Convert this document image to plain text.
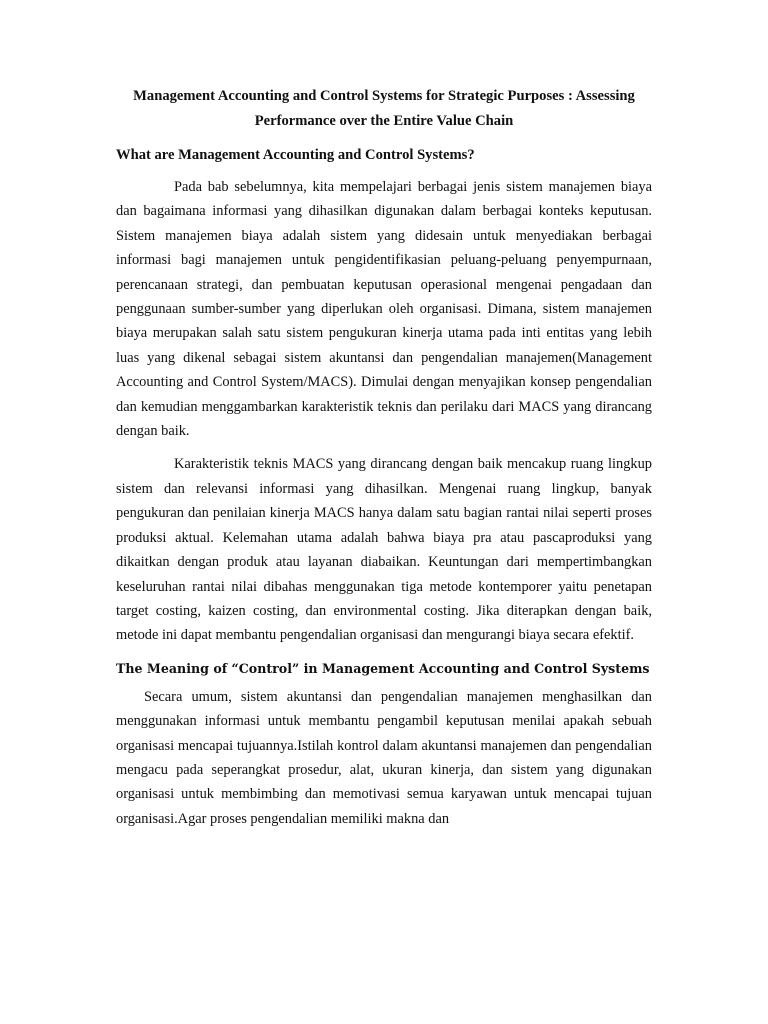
Management Accounting and Control Systems for Strategic Purposes : Assessing Performance over the Entire Value Chain
What are Management Accounting and Control Systems?

Pada bab sebelumnya, kita mempelajari berbagai jenis sistem manajemen biaya dan bagaimana informasi yang dihasilkan digunakan dalam berbagai konteks keputusan. Sistem manajemen biaya adalah sistem yang didesain untuk menyediakan berbagai informasi bagi manajemen untuk pengidentifikasian peluang-peluang penyempurnaan, perencanaan strategi, dan pembuatan keputusan operasional mengenai pengadaan dan penggunaan sumber-sumber yang diperlukan oleh organisasi. Dimana, sistem manajemen biaya merupakan salah satu sistem pengukuran kinerja utama pada inti entitas yang lebih luas yang dikenal sebagai sistem akuntansi dan pengendalian manajemen(Management Accounting and Control System/MACS). Dimulai dengan menyajikan konsep pengendalian dan kemudian menggambarkan karakteristik teknis dan perilaku dari MACS yang dirancang dengan baik.

Karakteristik teknis MACS yang dirancang dengan baik mencakup ruang lingkup sistem dan relevansi informasi yang dihasilkan. Mengenai ruang lingkup, banyak pengukuran dan penilaian kinerja MACS hanya dalam satu bagian rantai nilai seperti proses produksi aktual. Kelemahan utama adalah bahwa biaya pra atau pascaproduksi yang dikaitkan dengan produk atau layanan diabaikan. Keuntungan dari mempertimbangkan keseluruhan rantai nilai dibahas menggunakan tiga metode kontemporer yaitu penetapan target costing, kaizen costing, dan environmental costing. Jika diterapkan dengan baik, metode ini dapat membantu pengendalian organisasi dan mengurangi biaya secara efektif.

The Meaning of “Control” in Management Accounting and Control Systems

Secara umum, sistem akuntansi dan pengendalian manajemen menghasilkan dan menggunakan informasi untuk membantu pengambil keputusan menilai apakah sebuah organisasi mencapai tujuannya.Istilah kontrol dalam akuntansi manajemen dan pengendalian mengacu pada seperangkat prosedur, alat, ukuran kinerja, dan sistem yang digunakan organisasi untuk membimbing dan memotivasi semua karyawan untuk mencapai tujuan organisasi.Agar proses pengendalian memiliki makna dan
